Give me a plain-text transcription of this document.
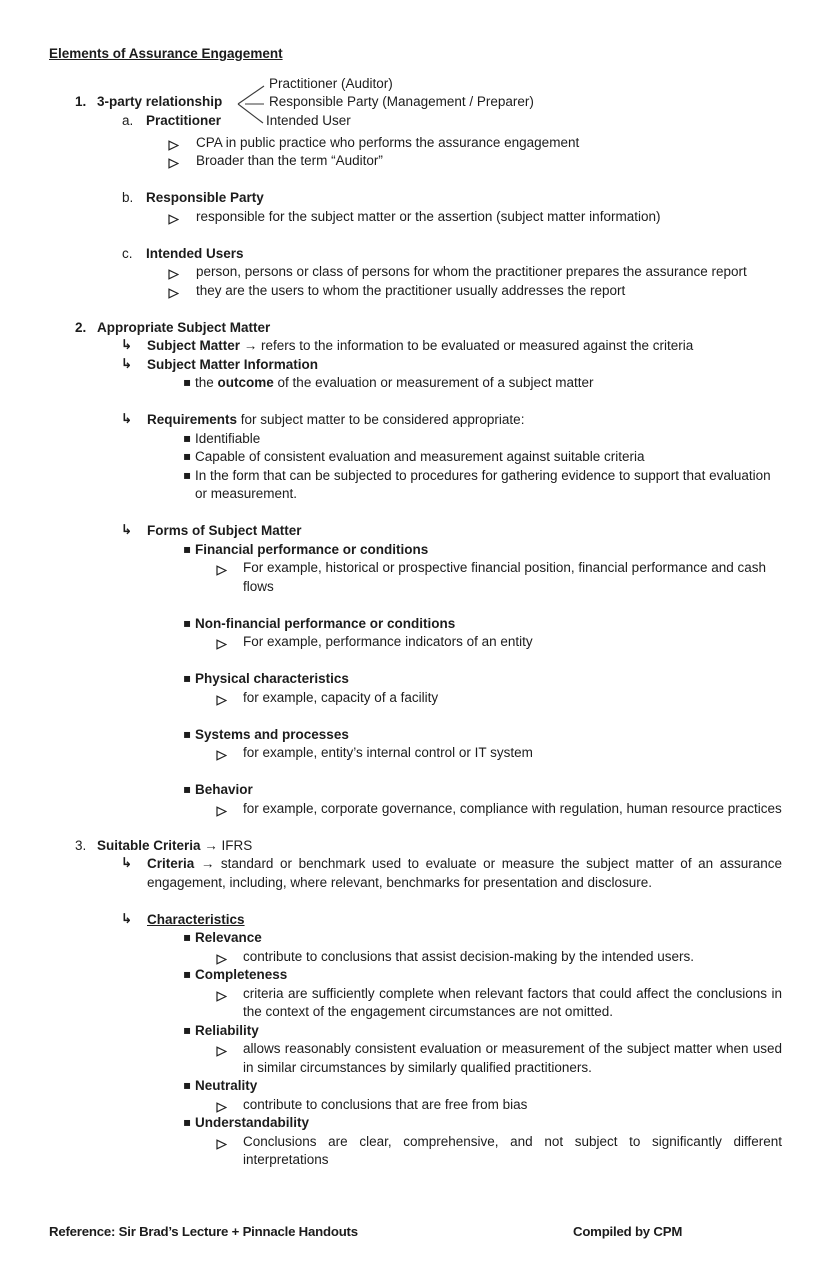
Elements of Assurance Engagement
Practitioner (Auditor)
Responsible Party (Management / Preparer)
Intended User
1. 3-party relationship
a. Practitioner
CPA in public practice who performs the assurance engagement
Broader than the term “Auditor”
b. Responsible Party
responsible for the subject matter or the assertion (subject matter information)
c. Intended Users
person, persons or class of persons for whom the practitioner prepares the assurance report
they are the users to whom the practitioner usually addresses the report
2. Appropriate Subject Matter
↳ Subject Matter → refers to the information to be evaluated or measured against the criteria
↳ Subject Matter Information
▪ the outcome of the evaluation or measurement of a subject matter
↳ Requirements for subject matter to be considered appropriate:
▪ Identifiable
▪ Capable of consistent evaluation and measurement against suitable criteria
▪ In the form that can be subjected to procedures for gathering evidence to support that evaluation or measurement.
↳ Forms of Subject Matter
▪ Financial performance or conditions
For example, historical or prospective financial position, financial performance and cash flows
▪ Non-financial performance or conditions
For example, performance indicators of an entity
▪ Physical characteristics
for example, capacity of a facility
▪ Systems and processes
for example, entity’s internal control or IT system
▪ Behavior
for example, corporate governance, compliance with regulation, human resource practices
3. Suitable Criteria → IFRS
↳ Criteria → standard or benchmark used to evaluate or measure the subject matter of an assurance engagement, including, where relevant, benchmarks for presentation and disclosure.
↳ Characteristics
▪ Relevance
contribute to conclusions that assist decision-making by the intended users.
▪ Completeness
criteria are sufficiently complete when relevant factors that could affect the conclusions in the context of the engagement circumstances are not omitted.
▪ Reliability
allows reasonably consistent evaluation or measurement of the subject matter when used in similar circumstances by similarly qualified practitioners.
▪ Neutrality
contribute to conclusions that are free from bias
▪ Understandability
Conclusions are clear, comprehensive, and not subject to significantly different interpretations
Reference: Sir Brad’s Lecture + Pinnacle Handouts	Compiled by CPM
